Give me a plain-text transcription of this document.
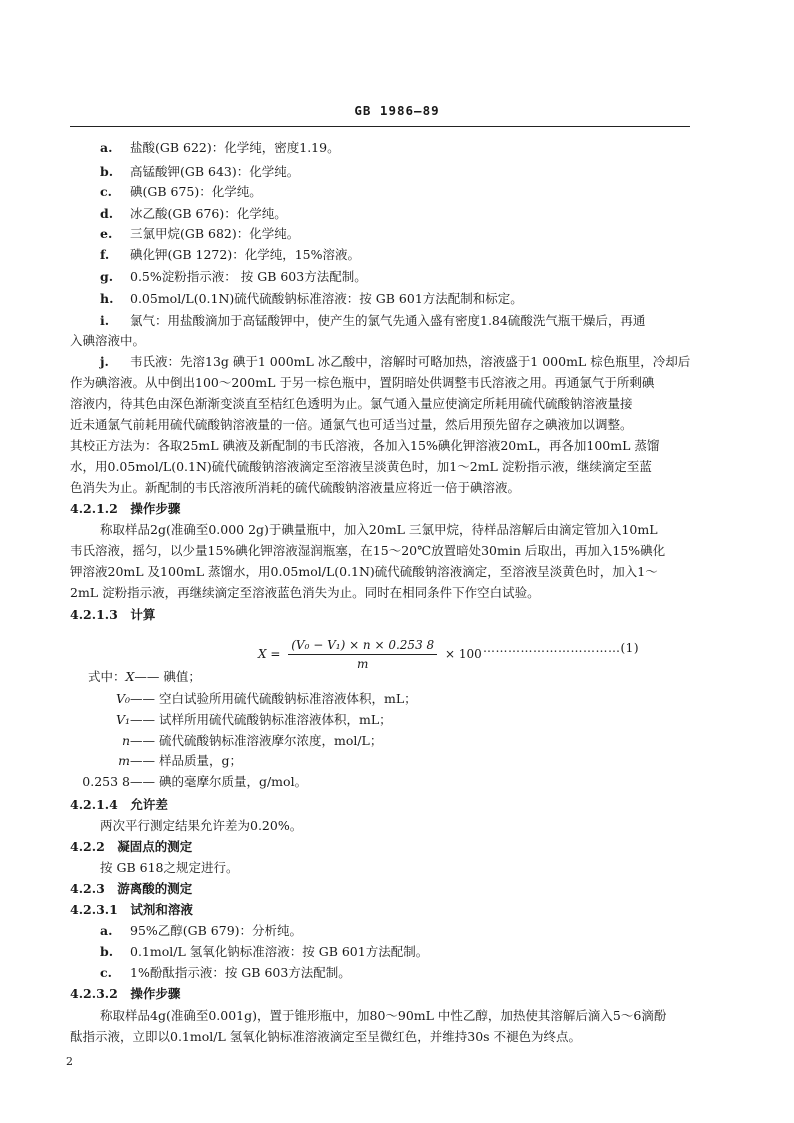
GB 1986—89
a. 盐酸(GB 622)：化学纯，密度1.19。
b. 高锰酸钾(GB 643)：化学纯。
c. 碘(GB 675)：化学纯。
d. 冰乙酸(GB 676)：化学纯。
e. 三氯甲烷(GB 682)：化学纯。
f. 碘化钾(GB 1272)：化学纯，15%溶液。
g. 0.5%淀粉指示液： 按 GB 603方法配制。
h. 0.05mol/L(0.1N)硫代硫酸钠标准溶液：按 GB 601方法配制和标定。
i. 氯气：用盐酸滴加于高锰酸钾中，使产生的氯气先通入盛有密度1.84硫酸洗气瓶干燥后，再通
入碘溶液中。
j. 韦氏液：先溶13g 碘于1 000mL 冰乙酸中，溶解时可略加热，溶液盛于1 000mL 棕色瓶里，冷却后
作为碘溶液。从中倒出100～200mL 于另一棕色瓶中，置阴暗处供调整韦氏溶液之用。再通氯气于所剩碘
溶液内，待其色由深色渐渐变淡直至桔红色透明为止。氯气通入量应使滴定所耗用硫代硫酸钠溶液量接
近未通氯气前耗用硫代硫酸钠溶液量的一倍。通氯气也可适当过量，然后用预先留存之碘液加以调整。
其校正方法为：各取25mL 碘液及新配制的韦氏溶液，各加入15%碘化钾溶液20mL，再各加100mL 蒸馏
水，用0.05mol/L(0.1N)硫代硫酸钠溶液滴定至溶液呈淡黄色时，加1～2mL 淀粉指示液，继续滴定至蓝
色消失为止。新配制的韦氏溶液所消耗的硫代硫酸钠溶液量应将近一倍于碘溶液。
4.2.1.2　操作步骤
称取样品2g(准确至0.000 2g)于碘量瓶中，加入20mL 三氯甲烷，待样品溶解后由滴定管加入10mL
韦氏溶液，摇匀，以少量15%碘化钾溶液湿润瓶塞，在15～20℃放置暗处30min 后取出，再加入15%碘化
钾溶液20mL 及100mL 蒸馏水，用0.05mol/L(0.1N)硫代硫酸钠溶液滴定，至溶液呈淡黄色时，加入1～
2mL 淀粉指示液，再继续滴定至溶液蓝色消失为止。同时在相同条件下作空白试验。
4.2.1.3　计算
$X = \frac{\text{(V₀ − V₁) × n × 0.253 8}}{m} \times 100$ ……………………………(1)
式中：X—— 碘值；
V₀—— 空白试验所用硫代硫酸钠标准溶液体积，mL；
V₁—— 试样所用硫代硫酸钠标准溶液体积，mL；
n—— 硫代硫酸钠标准溶液摩尔浓度，mol/L；
m—— 样品质量，g；
0.253 8—— 碘的毫摩尔质量，g/mol。
4.2.1.4　允许差
两次平行测定结果允许差为0.20%。
4.2.2　凝固点的测定
按 GB 618之规定进行。
4.2.3　游离酸的测定
4.2.3.1　试剂和溶液
a. 95%乙醇(GB 679)：分析纯。
b. 0.1mol/L 氢氧化钠标准溶液：按 GB 601方法配制。
c. 1%酚酞指示液：按 GB 603方法配制。
4.2.3.2　操作步骤
称取样品4g(准确至0.001g)，置于锥形瓶中，加80～90mL 中性乙醇，加热使其溶解后滴入5～6滴酚
酞指示液，立即以0.1mol/L 氢氧化钠标准溶液滴定至呈微红色，并维持30s 不褪色为终点。
2
